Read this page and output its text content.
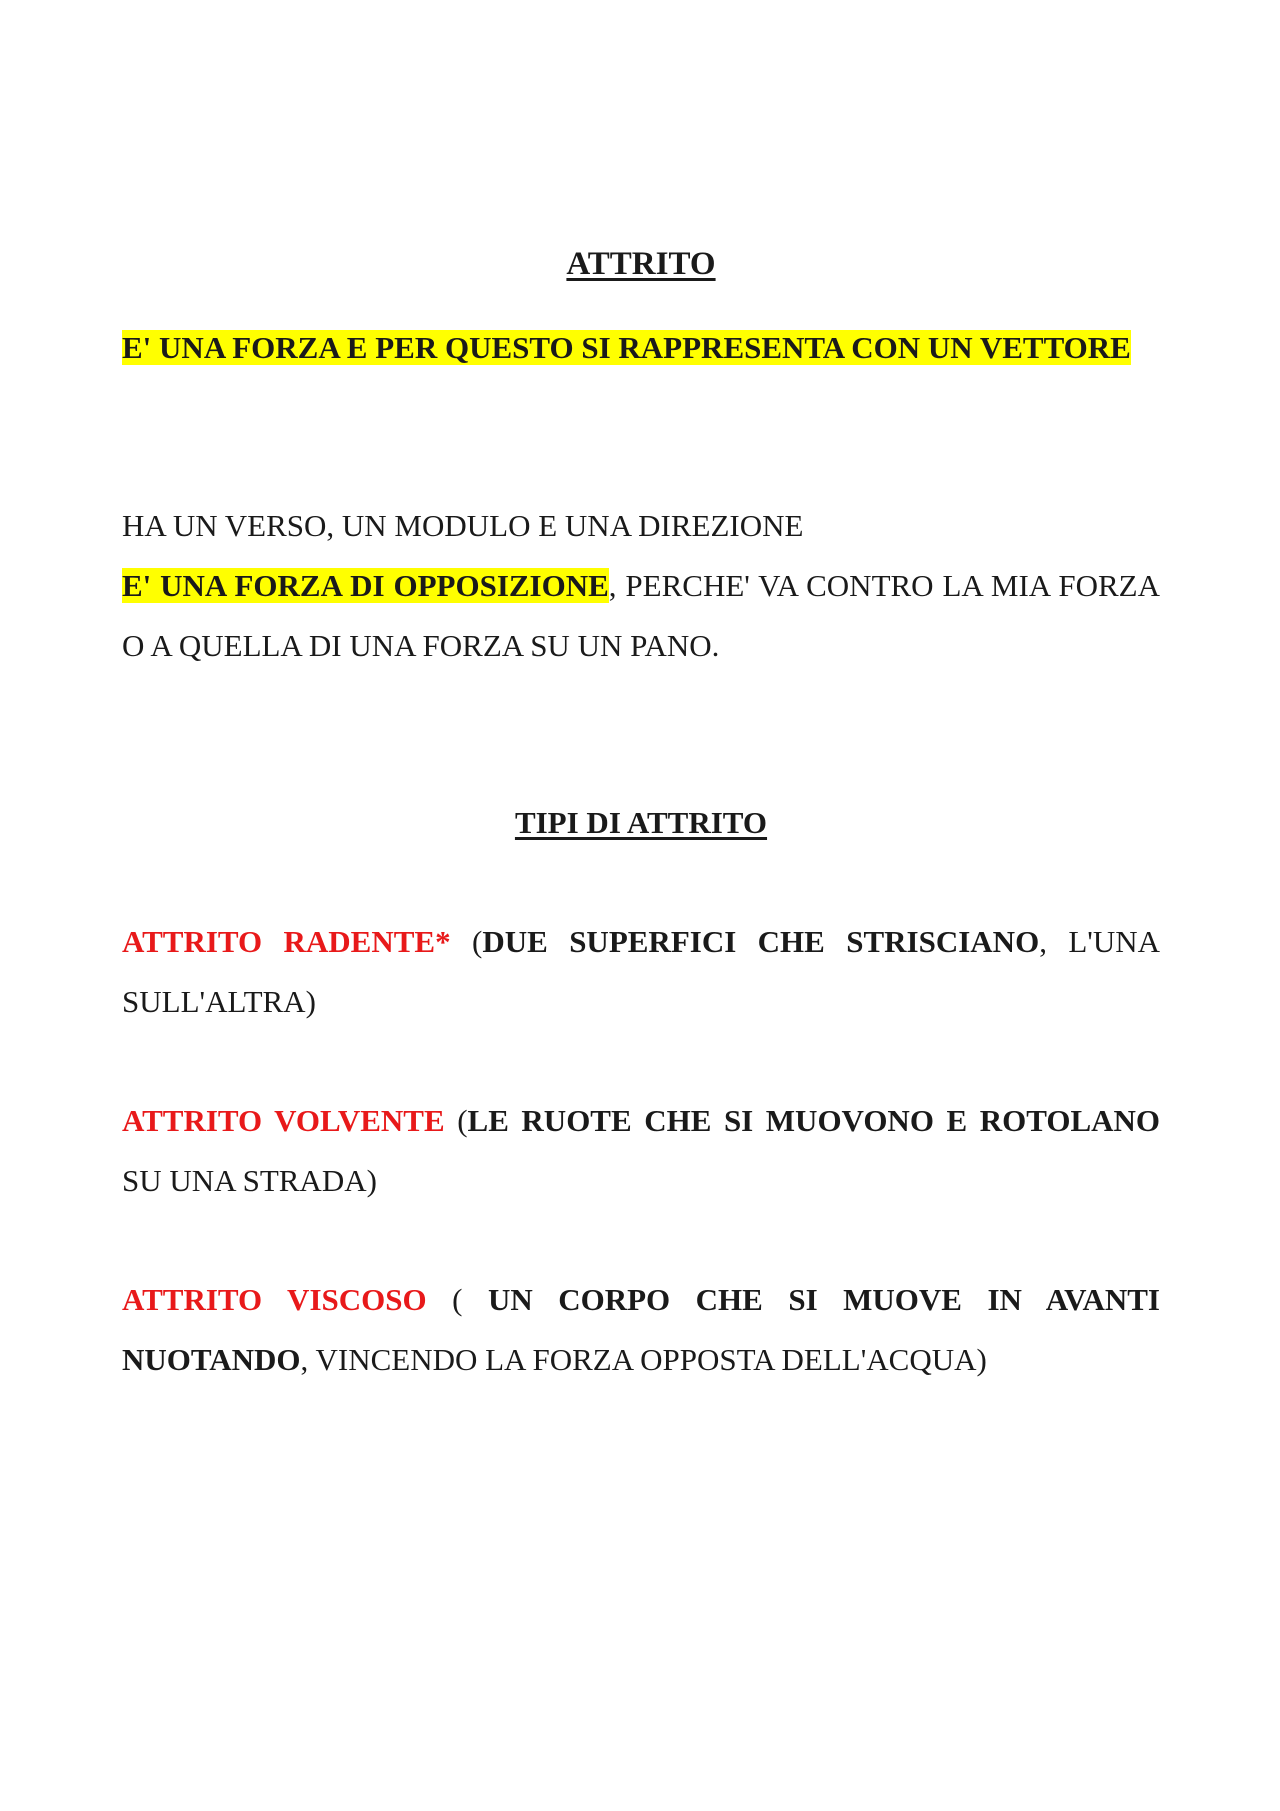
ATTRITO
E' UNA FORZA E PER QUESTO SI RAPPRESENTA CON UN VETTORE
HA UN VERSO, UN MODULO E UNA DIREZIONE
E' UNA FORZA DI OPPOSIZIONE, PERCHE' VA CONTRO LA MIA FORZA O A QUELLA DI UNA FORZA SU UN PANO.
TIPI DI ATTRITO
ATTRITO RADENTE* (DUE SUPERFICI CHE STRISCIANO, L'UNA SULL'ALTRA)
ATTRITO VOLVENTE (LE RUOTE CHE SI MUOVONO E ROTOLANO SU UNA STRADA)
ATTRITO VISCOSO ( UN CORPO CHE SI MUOVE IN AVANTI NUOTANDO, VINCENDO LA FORZA OPPOSTA DELL'ACQUA)
